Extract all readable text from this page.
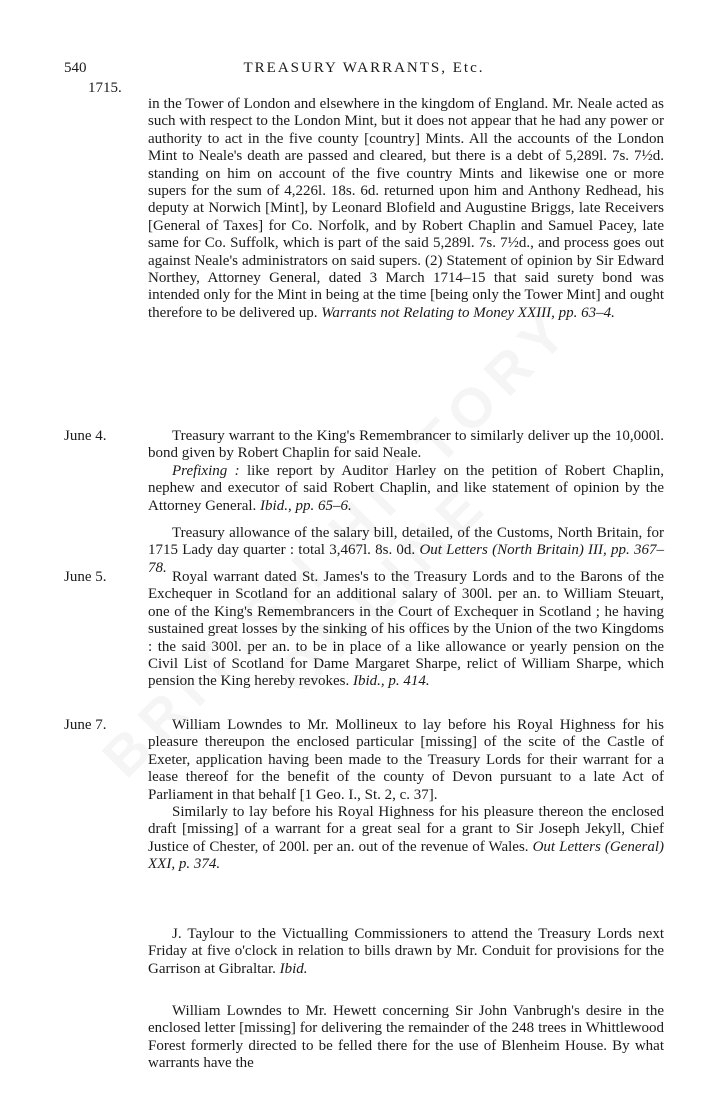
540	TREASURY WARRANTS, Etc.
1715.

in the Tower of London and elsewhere in the kingdom of England. Mr. Neale acted as such with respect to the London Mint, but it does not appear that he had any power or authority to act in the five county [country] Mints. All the accounts of the London Mint to Neale's death are passed and cleared, but there is a debt of 5,289l. 7s. 7½d. standing on him on account of the five country Mints and likewise one or more supers for the sum of 4,226l. 18s. 6d. returned upon him and Anthony Redhead, his deputy at Norwich [Mint], by Leonard Blofield and Augustine Briggs, late Receivers [General of Taxes] for Co. Norfolk, and by Robert Chaplin and Samuel Pacey, late same for Co. Suffolk, which is part of the said 5,289l. 7s. 7½d., and process goes out against Neale's administrators on said supers. (2) Statement of opinion by Sir Edward Northey, Attorney General, dated 3 March 1714–15 that said surety bond was intended only for the Mint in being at the time [being only the Tower Mint] and ought therefore to be delivered up. Warrants not Relating to Money XXIII, pp. 63–4.

June 4.	Treasury warrant to the King's Remembrancer to similarly deliver up the 10,000l. bond given by Robert Chaplin for said Neale.

Prefixing : like report by Auditor Harley on the petition of Robert Chaplin, nephew and executor of said Robert Chaplin, and like statement of opinion by the Attorney General. Ibid., pp. 65–6.

Treasury allowance of the salary bill, detailed, of the Customs, North Britain, for 1715 Lady day quarter : total 3,467l. 8s. 0d. Out Letters (North Britain) III, pp. 367–78.

June 5.	Royal warrant dated St. James's to the Treasury Lords and to the Barons of the Exchequer in Scotland for an additional salary of 300l. per an. to William Steuart, one of the King's Remembrancers in the Court of Exchequer in Scotland ; he having sustained great losses by the sinking of his offices by the Union of the two Kingdoms : the said 300l. per an. to be in place of a like allowance or yearly pension on the Civil List of Scotland for Dame Margaret Sharpe, relict of William Sharpe, which pension the King hereby revokes. Ibid., p. 414.

June 7.	William Lowndes to Mr. Mollineux to lay before his Royal Highness for his pleasure thereupon the enclosed particular [missing] of the scite of the Castle of Exeter, application having been made to the Treasury Lords for their warrant for a lease thereof for the benefit of the county of Devon pursuant to a late Act of Parliament in that behalf [1 Geo. I., St. 2, c. 37].

Similarly to lay before his Royal Highness for his pleasure thereon the enclosed draft [missing] of a warrant for a great seal for a grant to Sir Joseph Jekyll, Chief Justice of Chester, of 200l. per an. out of the revenue of Wales. Out Letters (General) XXI, p. 374.

J. Taylour to the Victualling Commissioners to attend the Treasury Lords next Friday at five o'clock in relation to bills drawn by Mr. Conduit for provisions for the Garrison at Gibraltar. Ibid.

William Lowndes to Mr. Hewett concerning Sir John Vanbrugh's desire in the enclosed letter [missing] for delivering the remainder of the 248 trees in Whittlewood Forest formerly directed to be felled there for the use of Blenheim House. By what warrants have the
